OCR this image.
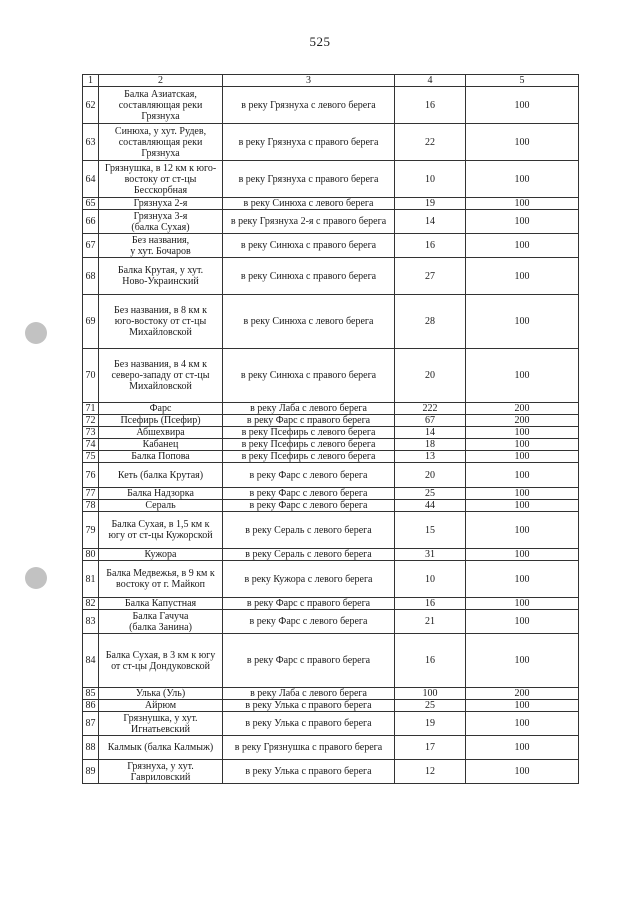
525
1	2	3	4	5
62	Балка Азиатская,
составляющая реки
Грязнуха	в реку Грязнуха с левого берега	16	100
63	Синюха, у хут. Рудев,
составляющая реки
Грязнуха	в реку Грязнуха с правого берега	22	100
64	Грязнушка, в 12 км к юго-
востоку от ст-цы
Бесскорбная	в реку Грязнуха с правого берега	10	100
65	Грязнуха 2-я	в реку Синюха с левого берега	19	100
66	Грязнуха 3-я
(балка Сухая)	в реку Грязнуха 2-я с правого берега	14	100
67	Без названия,
у хут. Бочаров	в реку Синюха с правого берега	16	100
68	Балка Крутая, у хут.
Ново-Украинский	в реку Синюха с правого берега	27	100
69	Без названия, в 8 км к
юго-востоку от ст-цы
Михайловской	в реку Синюха с левого берега	28	100
70	Без названия, в 4 км к
северо-западу от ст-цы
Михайловской	в реку Синюха с правого берега	20	100
71	Фарс	в реку Лаба с левого берега	222	200
72	Псефирь (Псефир)	в реку Фарс с правого берега	67	200
73	Абшехвира	в реку Псефирь с левого берега	14	100
74	Кабанец	в реку Псефирь с левого берега	18	100
75	Балка Попова	в реку Псефирь с левого берега	13	100
76	Кеть (балка Крутая)	в реку Фарс с левого берега	20	100
77	Балка Надзорка	в реку Фарс с левого берега	25	100
78	Сераль	в реку Фарс с левого берега	44	100
79	Балка Сухая, в 1,5 км к
югу от ст-цы Кужорской	в реку Сераль с левого берега	15	100
80	Кужора	в реку Сераль с левого берега	31	100
81	Балка Медвежья, в 9 км к
востоку от г. Майкоп	в реку Кужора с левого берега	10	100
82	Балка Капустная	в реку Фарс с правого берега	16	100
83	Балка Гачуча
(балка Занина)	в реку Фарс с левого берега	21	100
84	Балка Сухая, в 3 км к югу
от ст-цы Дондуковской	в реку Фарс с правого берега	16	100
85	Улька (Уль)	в реку Лаба с левого берега	100	200
86	Айрюм	в реку Улька с правого берега	25	100
87	Грязнушка, у хут.
Игнатьевский	в реку Улька с правого берега	19	100
88	Калмык (балка Калмыж)	в реку Грязнушка с правого берега	17	100
89	Грязнуха, у хут.
Гавриловский	в реку Улька с правого берега	12	100
